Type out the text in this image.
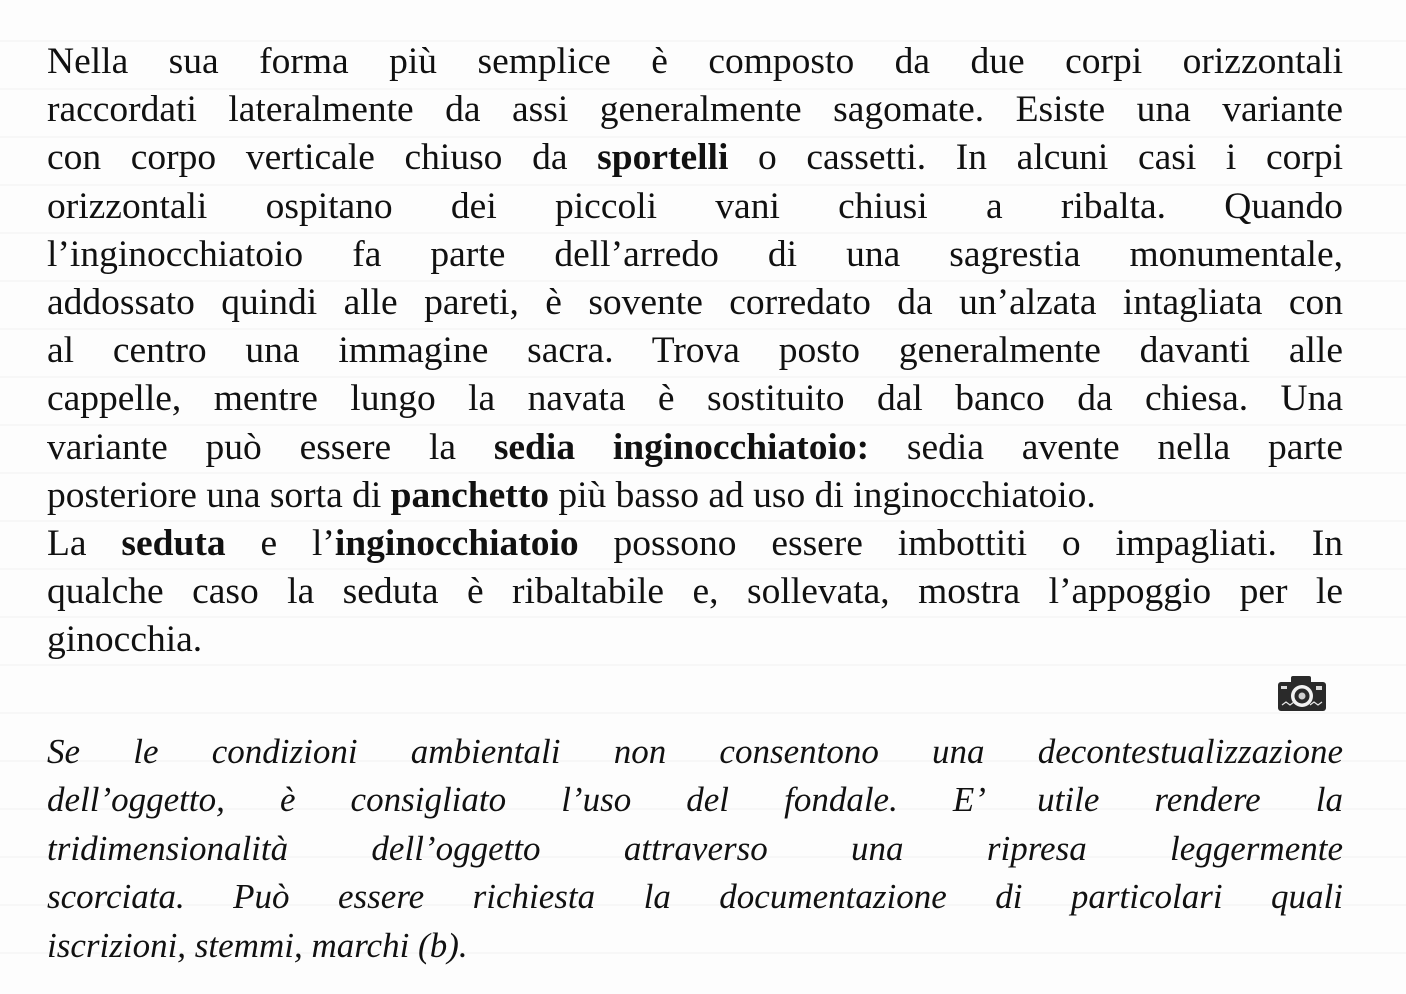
Nella sua forma più semplice è composto da due corpi orizzontali
raccordati lateralmente da assi generalmente sagomate. Esiste una variante
con corpo verticale chiuso da sportelli o cassetti. In alcuni casi i corpi
orizzontali ospitano dei piccoli vani chiusi a ribalta. Quando
l’inginocchiatoio fa parte dell’arredo di una sagrestia monumentale,
addossato quindi alle pareti, è sovente corredato da un’alzata intagliata con
al centro una immagine sacra. Trova posto generalmente davanti alle
cappelle, mentre lungo la navata è sostituito dal banco da chiesa. Una
variante può essere la sedia inginocchiatoio: sedia avente nella parte
posteriore una sorta di panchetto più basso ad uso di inginocchiatoio.
La seduta e l’inginocchiatoio possono essere imbottiti o impagliati. In
qualche caso la seduta è ribaltabile e, sollevata, mostra l’appoggio per le
ginocchia.
Se le condizioni ambientali non consentono una decontestualizzazione
dell’oggetto, è consigliato l’uso del fondale. E’ utile rendere la
tridimensionalità dell’oggetto attraverso una ripresa leggermente
scorciata. Può essere richiesta la documentazione di particolari quali
iscrizioni, stemmi, marchi (b).
